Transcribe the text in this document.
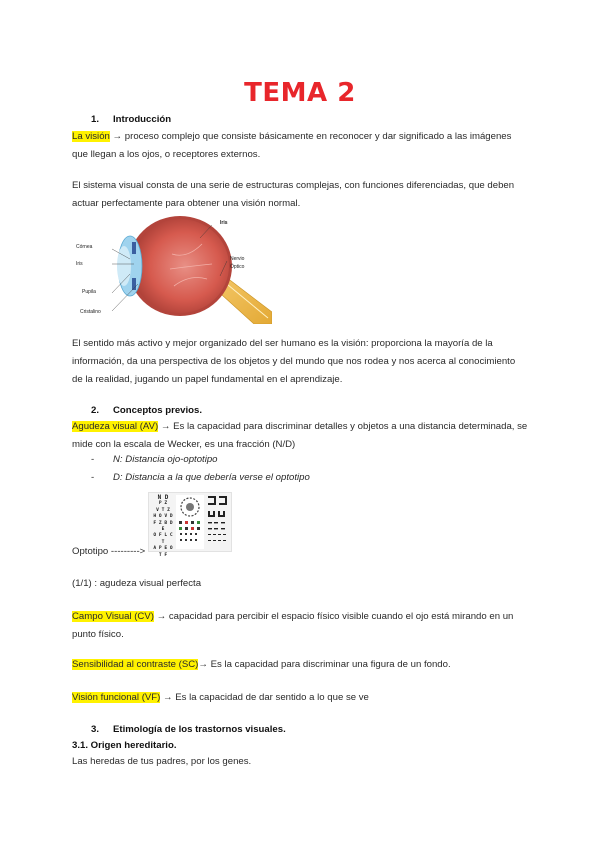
TEMA 2
1. Introducción
La visión → proceso complejo que consiste básicamente en reconocer y dar significado a las imágenes
que llegan a los ojos, o receptores externos.
El sistema visual consta de una serie de estructuras complejas, con funciones diferenciadas, que deben
actuar perfectamente para obtener una visión normal.
Iris
Córnea
Iris
Pupila
Cristalino
Nervio
Óptico
El sentido más activo y mejor organizado del ser humano es la visión: proporciona la mayoría de la
información, da una perspectiva de los objetos y del mundo que nos rodea y nos acerca al conocimiento
de la realidad, jugando un papel fundamental en el aprendizaje.
2. Conceptos previos.
Agudeza visual (AV) → Es la capacidad para discriminar detalles y objetos a una distancia determinada, se
mide con la escala de Wecker, es una fracción (N/D)
- N: Distancia ojo-optotipo
- D: Distancia a la que debería verse el optotipo
N D
P Z
V T Z
H O V D
F Z B D E
O F L C T
A P E O T F
Optotipo --------->
(1/1) : agudeza visual perfecta
Campo Visual (CV) → capacidad para percibir el espacio físico visible cuando el ojo está mirando en un
punto físico.
Sensibilidad al contraste (SC)→ Es la capacidad para discriminar una figura de un fondo.
Visión funcional (VF) → Es la capacidad de dar sentido a lo que se ve
3. Etimología de los trastornos visuales.
3.1. Origen hereditario.
Las heredas de tus padres, por los genes.
